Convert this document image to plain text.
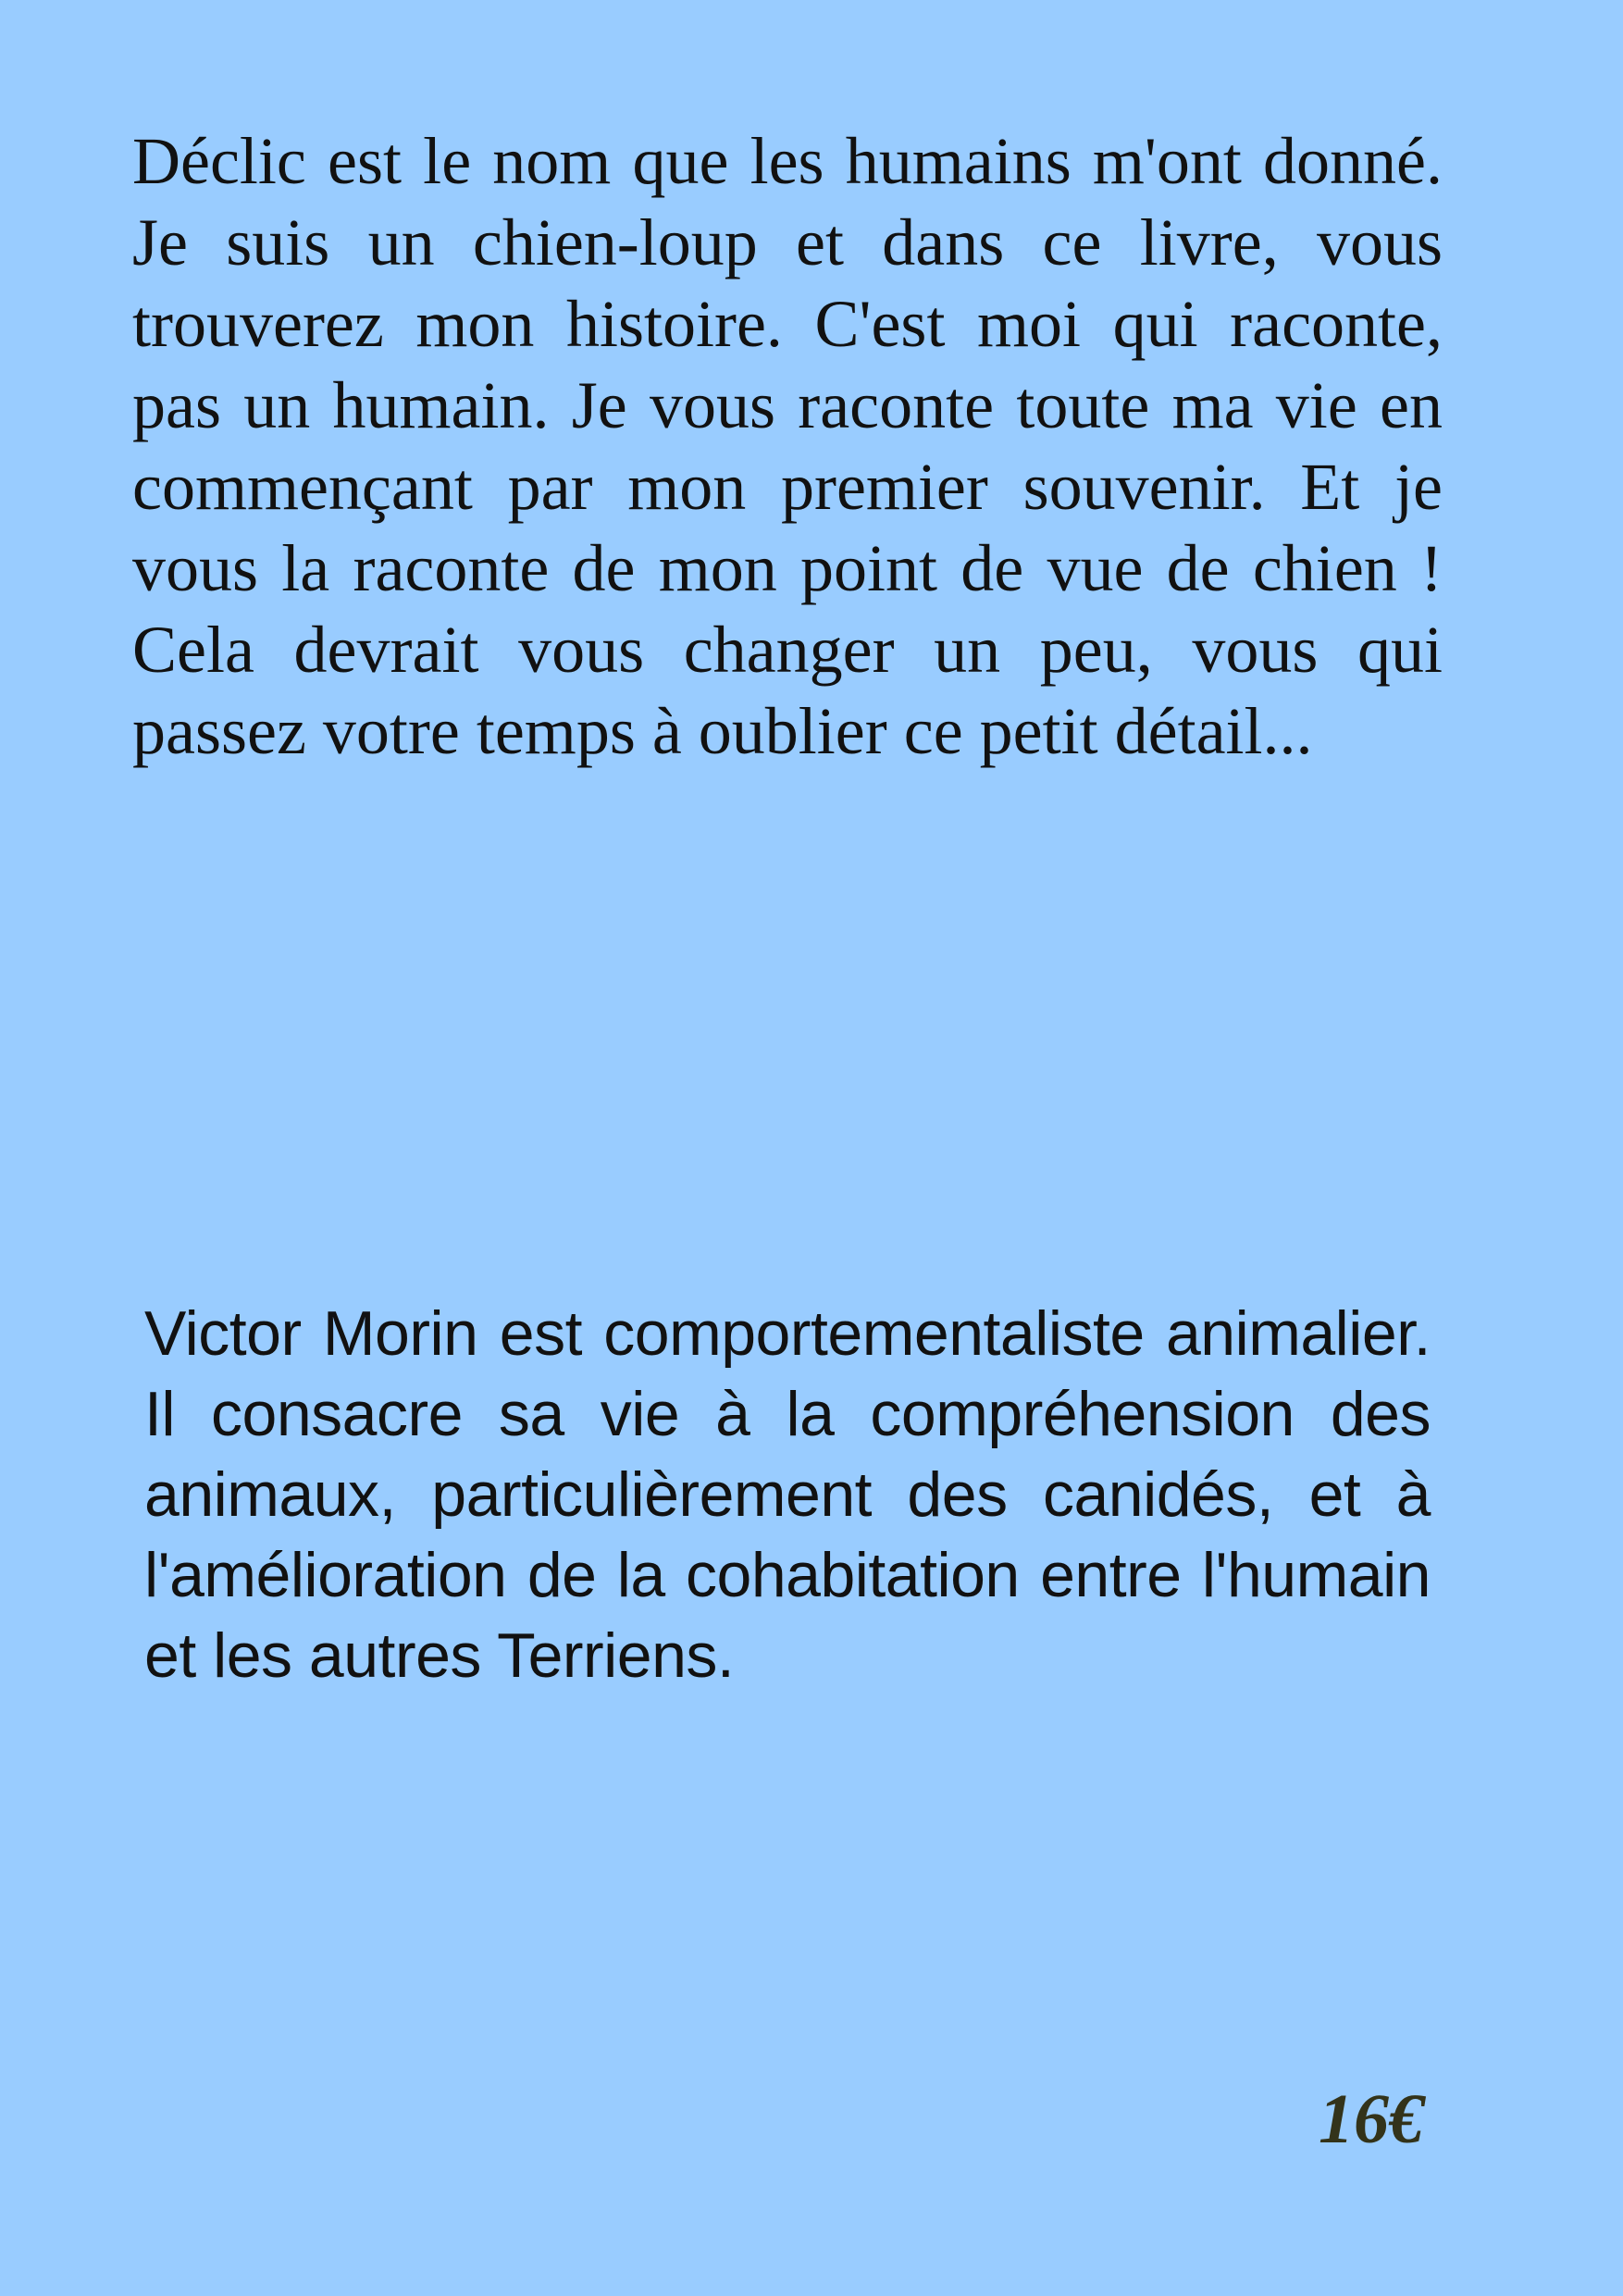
Déclic est le nom que les humains m'ont donné. Je suis un chien-loup et dans ce livre, vous trouverez mon histoire. C'est moi qui raconte, pas un humain. Je vous raconte toute ma vie en commençant par mon premier souvenir. Et je vous la raconte de mon point de vue de chien ! Cela devrait vous changer un peu, vous qui passez votre temps à oublier ce petit détail...

Victor Morin est comportementaliste animalier. Il consacre sa vie à la compréhension des animaux, particulièrement des canidés, et à l'amélioration de la cohabitation entre l'humain et les autres Terriens.

16€
